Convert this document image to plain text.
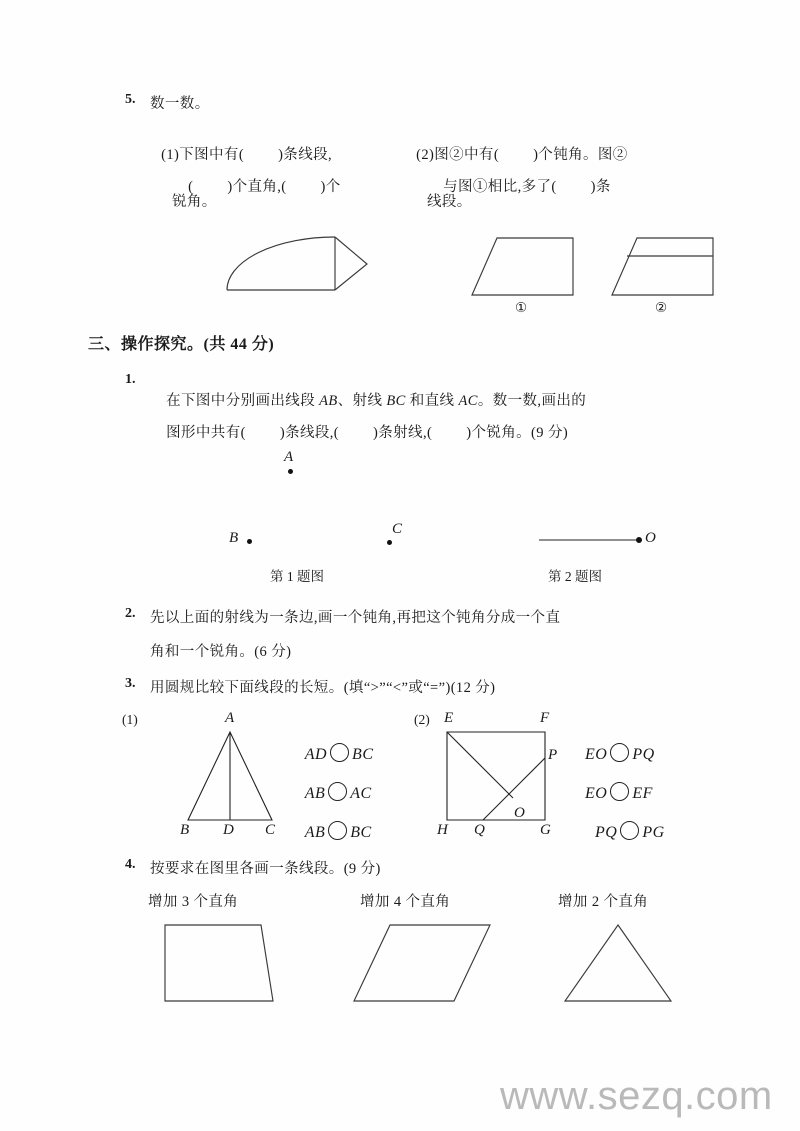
5. 数一数。

(1)下图中有( )条线段,

( )个直角,( )个

锐角。

(2)图②中有( )个钝角。图②

与图①相比,多了( )条

线段。
①	②
三、操作探究。(共 44 分)
1.

在下图中分别画出线段 AB、射线 BC 和直线 AC。数一数,画出的

图形中共有( )条线段,( )条射线,( )个锐角。(9 分)

A
B
C
第 1 题图
O
第 2 题图
2. 先以上面的射线为一条边,画一个钝角,再把这个钝角分成一个直
角和一个锐角。(6 分)
3. 用圆规比较下面线段的长短。(填“>”“<”或“=”)(12 分)
(1)	A
B D C

AD BC

AB AC

AB BC

(2) E	F
P
O
H Q	G

EO PQ

EO EF

PQ PG

4. 按要求在图里各画一条线段。(9 分)
增加 3 个直角	增加 4 个直角	增加 2 个直角
www.sezq.com
